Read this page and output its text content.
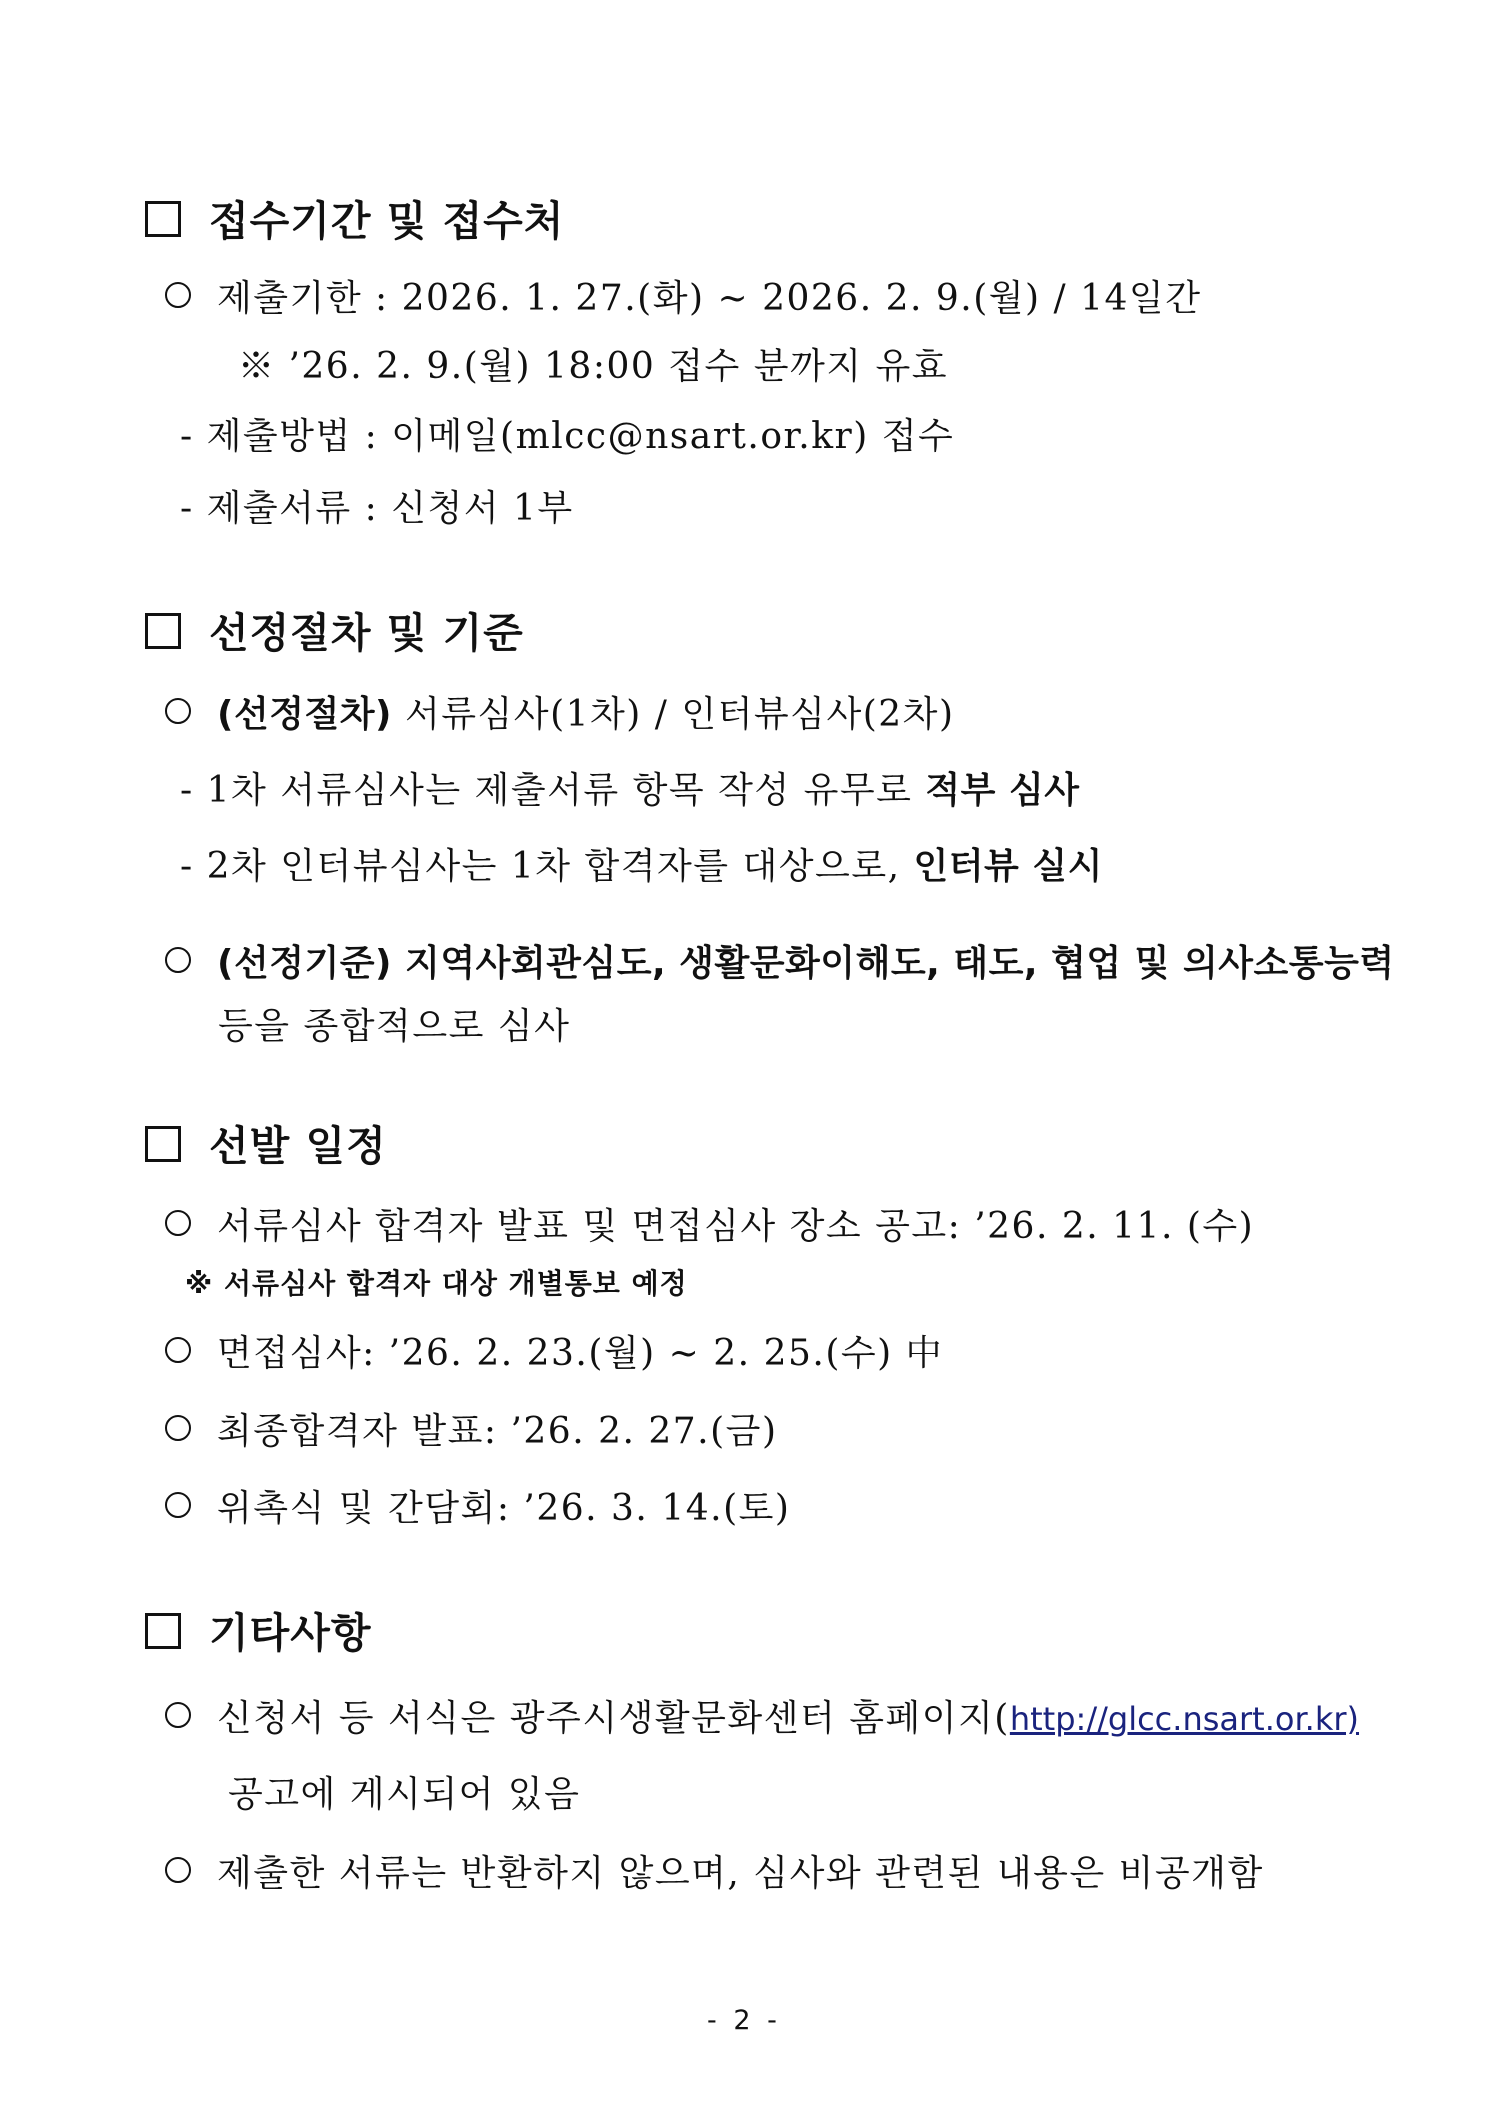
접수기간 및 접수처
제출기한 : 2026. 1. 27.(화) ~ 2026. 2. 9.(월) / 14일간
※ ’26. 2. 9.(월) 18:00 접수 분까지 유효
- 제출방법 : 이메일(mlcc@nsart.or.kr) 접수
- 제출서류 : 신청서 1부
선정절차 및 기준
(선정절차) 서류심사(1차) / 인터뷰심사(2차)
- 1차 서류심사는 제출서류 항목 작성 유무로 적부 심사
- 2차 인터뷰심사는 1차 합격자를 대상으로, 인터뷰 실시
(선정기준) 지역사회관심도, 생활문화이해도, 태도, 협업 및 의사소통능력
등을 종합적으로 심사
선발 일정
서류심사 합격자 발표 및 면접심사 장소 공고: ’26. 2. 11. (수)
※ 서류심사 합격자 대상 개별통보 예정
면접심사: ’26. 2. 23.(월) ~ 2. 25.(수) 中
최종합격자 발표: ’26. 2. 27.(금)
위촉식 및 간담회: ’26. 3. 14.(토)
기타사항
신청서 등 서식은 광주시생활문화센터 홈페이지(http://glcc.nsart.or.kr)
공고에 게시되어 있음
제출한 서류는 반환하지 않으며, 심사와 관련된 내용은 비공개함
- 2 -
